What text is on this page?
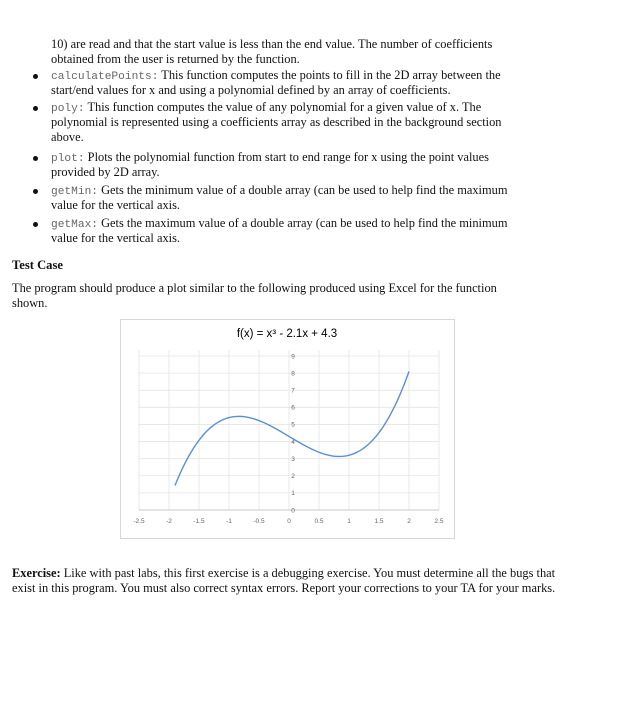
10) are read and that the start value is less than the end value. The number of coefficients
obtained from the user is returned by the function.
calculatePoints: This function computes the points to fill in the 2D array between the
start/end values for x and using a polynomial defined by an array of coefficients.
poly: This function computes the value of any polynomial for a given value of x. The
polynomial is represented using a coefficients array as described in the background section
above.
plot: Plots the polynomial function from start to end range for x using the point values
provided by 2D array.
getMin: Gets the minimum value of a double array (can be used to help find the maximum
value for the vertical axis.
getMax: Gets the maximum value of a double array (can be used to help find the minimum
value for the vertical axis.
Test Case
The program should produce a plot similar to the following produced using Excel for the function
shown.
f(x) = x³ - 2.1x + 4.3
-2.5	-2	-1.5	-1	-0.5	0	0.5	1	1.5	2	2.5
0
1
2
3
4
5
6
7
8
9
Exercise: Like with past labs, this first exercise is a debugging exercise. You must determine all the bugs that
exist in this program. You must also correct syntax errors. Report your corrections to your TA for your marks.
